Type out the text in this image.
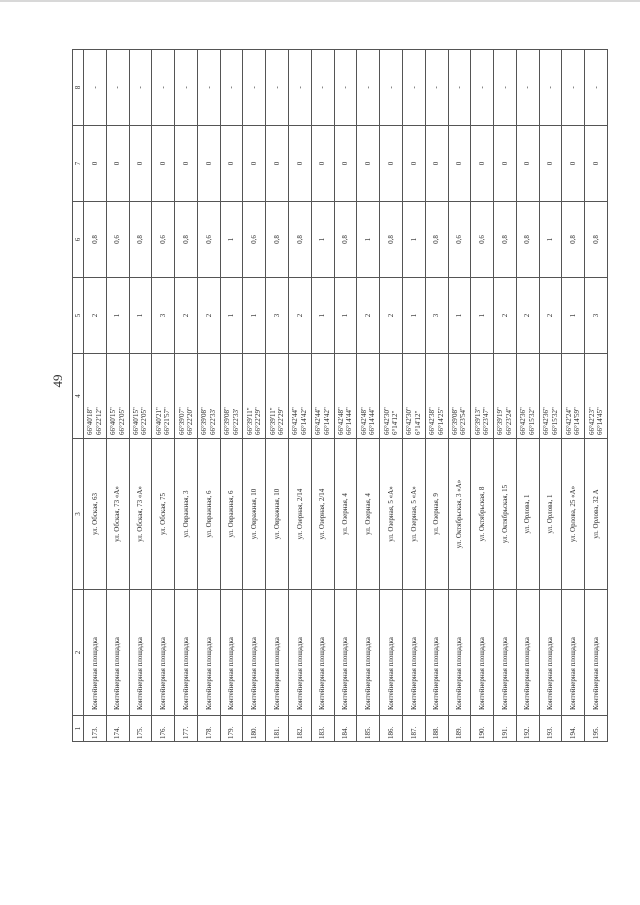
49
1	2	3	4	5	6	7	8
173.	Контейнерная площадка	ул. Обская, 63	66°40'18" 66°22'12"	2	0,8	0	-
174.	Контейнерная площадка	ул. Обская, 73 «А»	66°40'15" 66°22'05"	1	0,6	0	-
175.	Контейнерная площадка	ул. Обская, 73 «А»	66°40'15" 66°22'05"	1	0,8	0	-
176.	Контейнерная площадка	ул. Обская, 75	66°40'21" 66°21'57"	3	0,6	0	-
177.	Контейнерная площадка	ул. Овражная, 3	66°39'07" 66°22'20"	2	0,8	0	-
178.	Контейнерная площадка	ул. Овражная, 6	66°39'08" 66°22'33'	2	0,6	0	-
179.	Контейнерная площадка	ул. Овражная, 6	66°39'08" 66°22'33'	1	1	0	-
180.	Контейнерная площадка	ул. Овражная, 10	66°39'11" 66°22'29"	1	0,6	0	-
181.	Контейнерная площадка	ул. Овражная, 10	66°39'11" 66°22'29"	3	0,8	0	-
182.	Контейнерная площадка	ул. Озерная, 2/14	66°42'44" 66°14'42"	2	0,8	0	-
183.	Контейнерная площадка	ул. Озерная, 2/14	66°42'44" 66°14'42"	1	1	0	-
184.	Контейнерная площадка	ул. Озерная, 4	66°42'48" 66°14'44"	1	0,8	0	-
185.	Контейнерная площадка	ул. Озерная, 4	66°42'48" 66°14'44"	2	1	0	-
186.	Контейнерная площадка	ул. Озерная, 5 «А»	66°42'30" 6°14'12"	2	0,8	0	-
187.	Контейнерная площадка	ул. Озерная, 5 «А»	66°42'30" 6°14'12"	1	1	0	-
188.	Контейнерная площадка	ул. Озерная, 9	66°42'38" 66°14'25"	3	0,8	0	-
189.	Контейнерная площадка	ул. Октябрьская, 3 «А»	66°39'08" 66°23'54"	1	0,6	0	-
190.	Контейнерная площадка	ул. Октябрьская, 8	66°39'13" 66°23'47"	1	0,6	0	-
191.	Контейнерная площадка	ул. Октябрьская, 15	66°39'19" 66°23'24"	2	0,8	0	-
192.	Контейнерная площадка	ул. Орлова, 1	66°42'36" 66°15'32"	2	0,8	0	-
193.	Контейнерная площадка	ул. Орлова, 1	66°42'36" 66°15'32"	2	1	0	-
194.	Контейнерная площадка	ул. Орлова, 25 «А»	66°42'24" 66°14'59"	1	0,8	0	-
195.	Контейнерная площадка	ул. Орлова, 32 А	66°42'23" 66°14'45"	3	0,8	0	-
